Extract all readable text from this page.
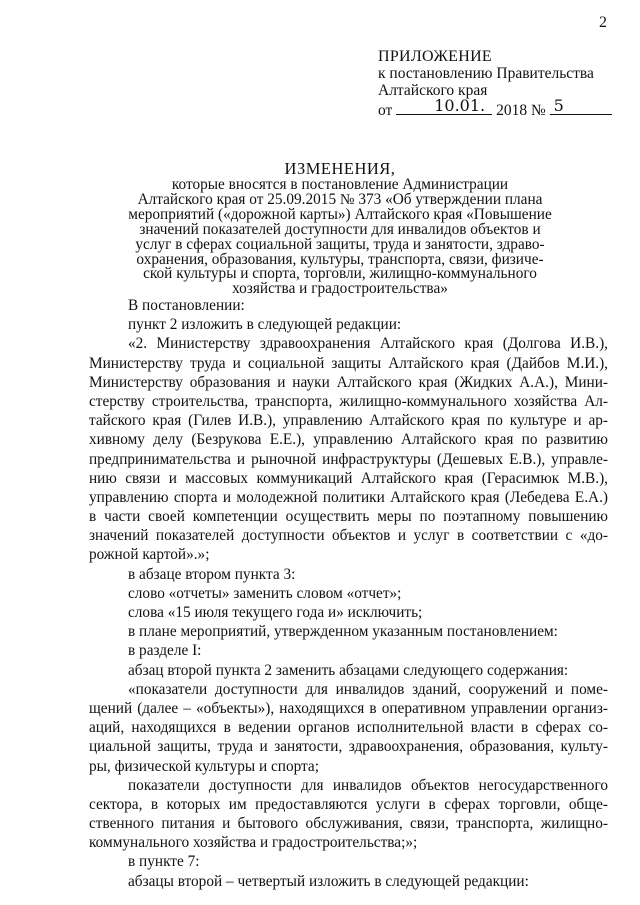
2
ПРИЛОЖЕНИЕ
к постановлению Правительства
Алтайского края
от	10.01. 2018 № 5
ИЗМЕНЕНИЯ,
которые вносятся в постановление Администрации
Алтайского края от 25.09.2015 № 373 «Об утверждении плана
мероприятий («дорожной карты») Алтайского края «Повышение
значений показателей доступности для инвалидов объектов и
услуг в сферах социальной защиты, труда и занятости, здраво-
охранения, образования, культуры, транспорта, связи, физиче-
ской культуры и спорта, торговли, жилищно-коммунального
хозяйства и градостроительства»
В постановлении:
пункт 2 изложить в следующей редакции:
«2. Министерству здравоохранения Алтайского края (Долгова И.В.),
Министерству труда и социальной защиты Алтайского края (Дайбов М.И.),
Министерству образования и науки Алтайского края (Жидких А.А.), Мини-
стерству строительства, транспорта, жилищно-коммунального хозяйства Ал-
тайского края (Гилев И.В.), управлению Алтайского края по культуре и ар-
хивному делу (Безрукова Е.Е.), управлению Алтайского края по развитию
предпринимательства и рыночной инфраструктуры (Дешевых Е.В.), управле-
нию связи и массовых коммуникаций Алтайского края (Герасимюк М.В.),
управлению спорта и молодежной политики Алтайского края (Лебедева Е.А.)
в части своей компетенции осуществить меры по поэтапному повышению
значений показателей доступности объектов и услуг в соответствии с «до-
рожной картой».»;
в абзаце втором пункта 3:
слово «отчеты» заменить словом «отчет»;
слова «15 июля текущего года и» исключить;
в плане мероприятий, утвержденном указанным постановлением:
в разделе I:
абзац второй пункта 2 заменить абзацами следующего содержания:
«показатели доступности для инвалидов зданий, сооружений и поме-
щений (далее – «объекты»), находящихся в оперативном управлении организ-
аций, находящихся в ведении органов исполнительной власти в сферах со-
циальной защиты, труда и занятости, здравоохранения, образования, культу-
ры, физической культуры и спорта;
показатели доступности для инвалидов объектов негосударственного
сектора, в которых им предоставляются услуги в сферах торговли, обще-
ственного питания и бытового обслуживания, связи, транспорта, жилищно-
коммунального хозяйства и градостроительства;»;
в пункте 7:
абзацы второй – четвертый изложить в следующей редакции:
